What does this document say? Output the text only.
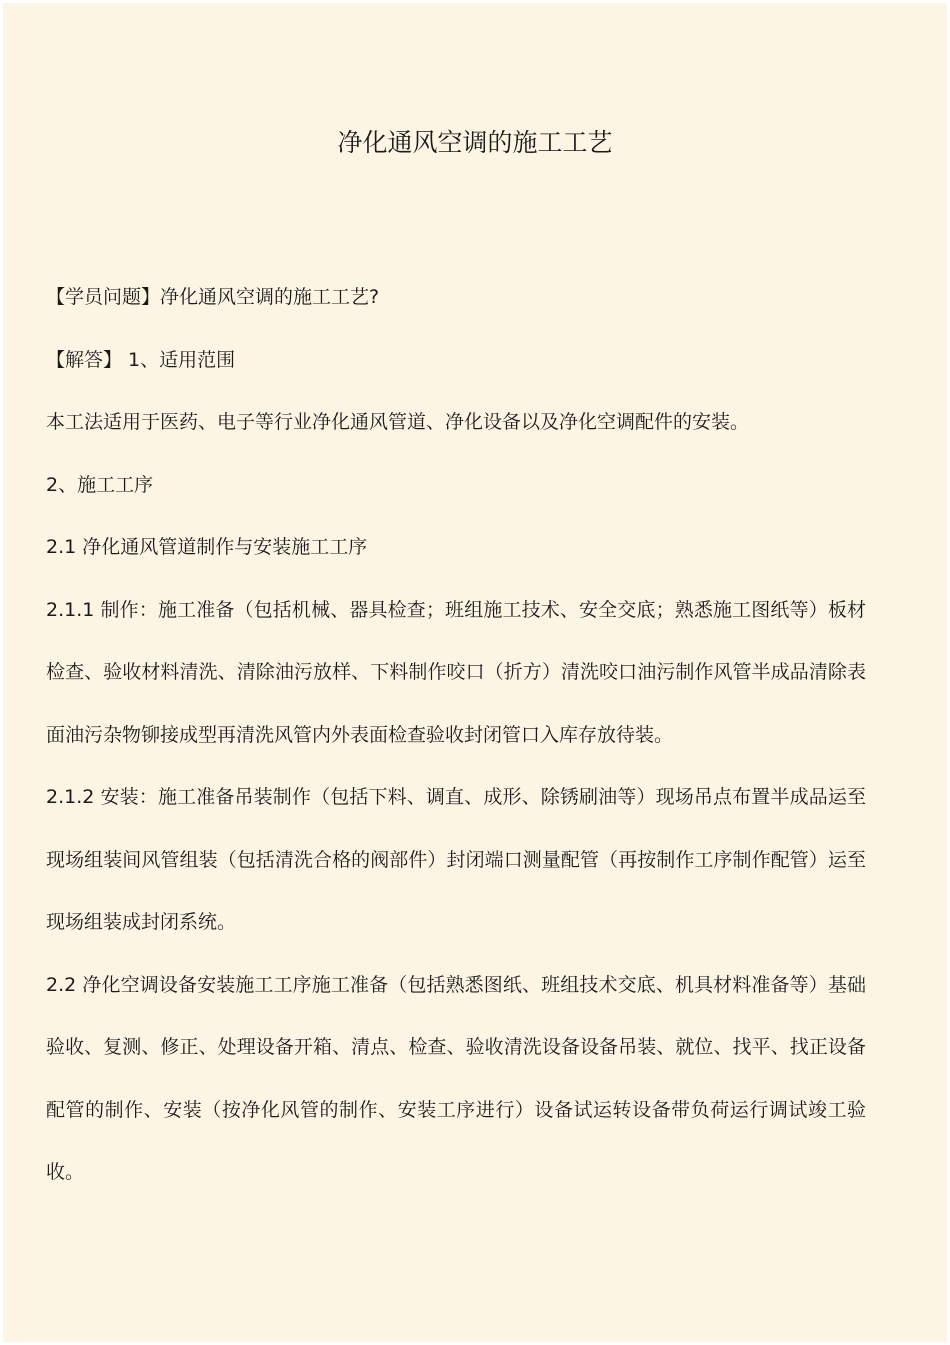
净化通风空调的施工工艺

【学员问题】净化通风空调的施工工艺?

【解答】 1、适用范围

本工法适用于医药、电子等行业净化通风管道、净化设备以及净化空调配件的安装。

2、施工工序

2.1 净化通风管道制作与安装施工工序

2.1.1 制作：施工准备（包括机械、器具检查；班组施工技术、安全交底；熟悉施工图纸等）板材检查、验收材料清洗、清除油污放样、下料制作咬口（折方）清洗咬口油污制作风管半成品清除表面油污杂物铆接成型再清洗风管内外表面检查验收封闭管口入库存放待装。

2.1.2 安装：施工准备吊装制作（包括下料、调直、成形、除锈刷油等）现场吊点布置半成品运至现场组装间风管组装（包括清洗合格的阀部件）封闭端口测量配管（再按制作工序制作配管）运至现场组装成封闭系统。

2.2 净化空调设备安装施工工序施工准备（包括熟悉图纸、班组技术交底、机具材料准备等）基础验收、复测、修正、处理设备开箱、清点、检查、验收清洗设备设备吊装、就位、找平、找正设备配管的制作、安装（按净化风管的制作、安装工序进行）设备试运转设备带负荷运行调试竣工验收。
